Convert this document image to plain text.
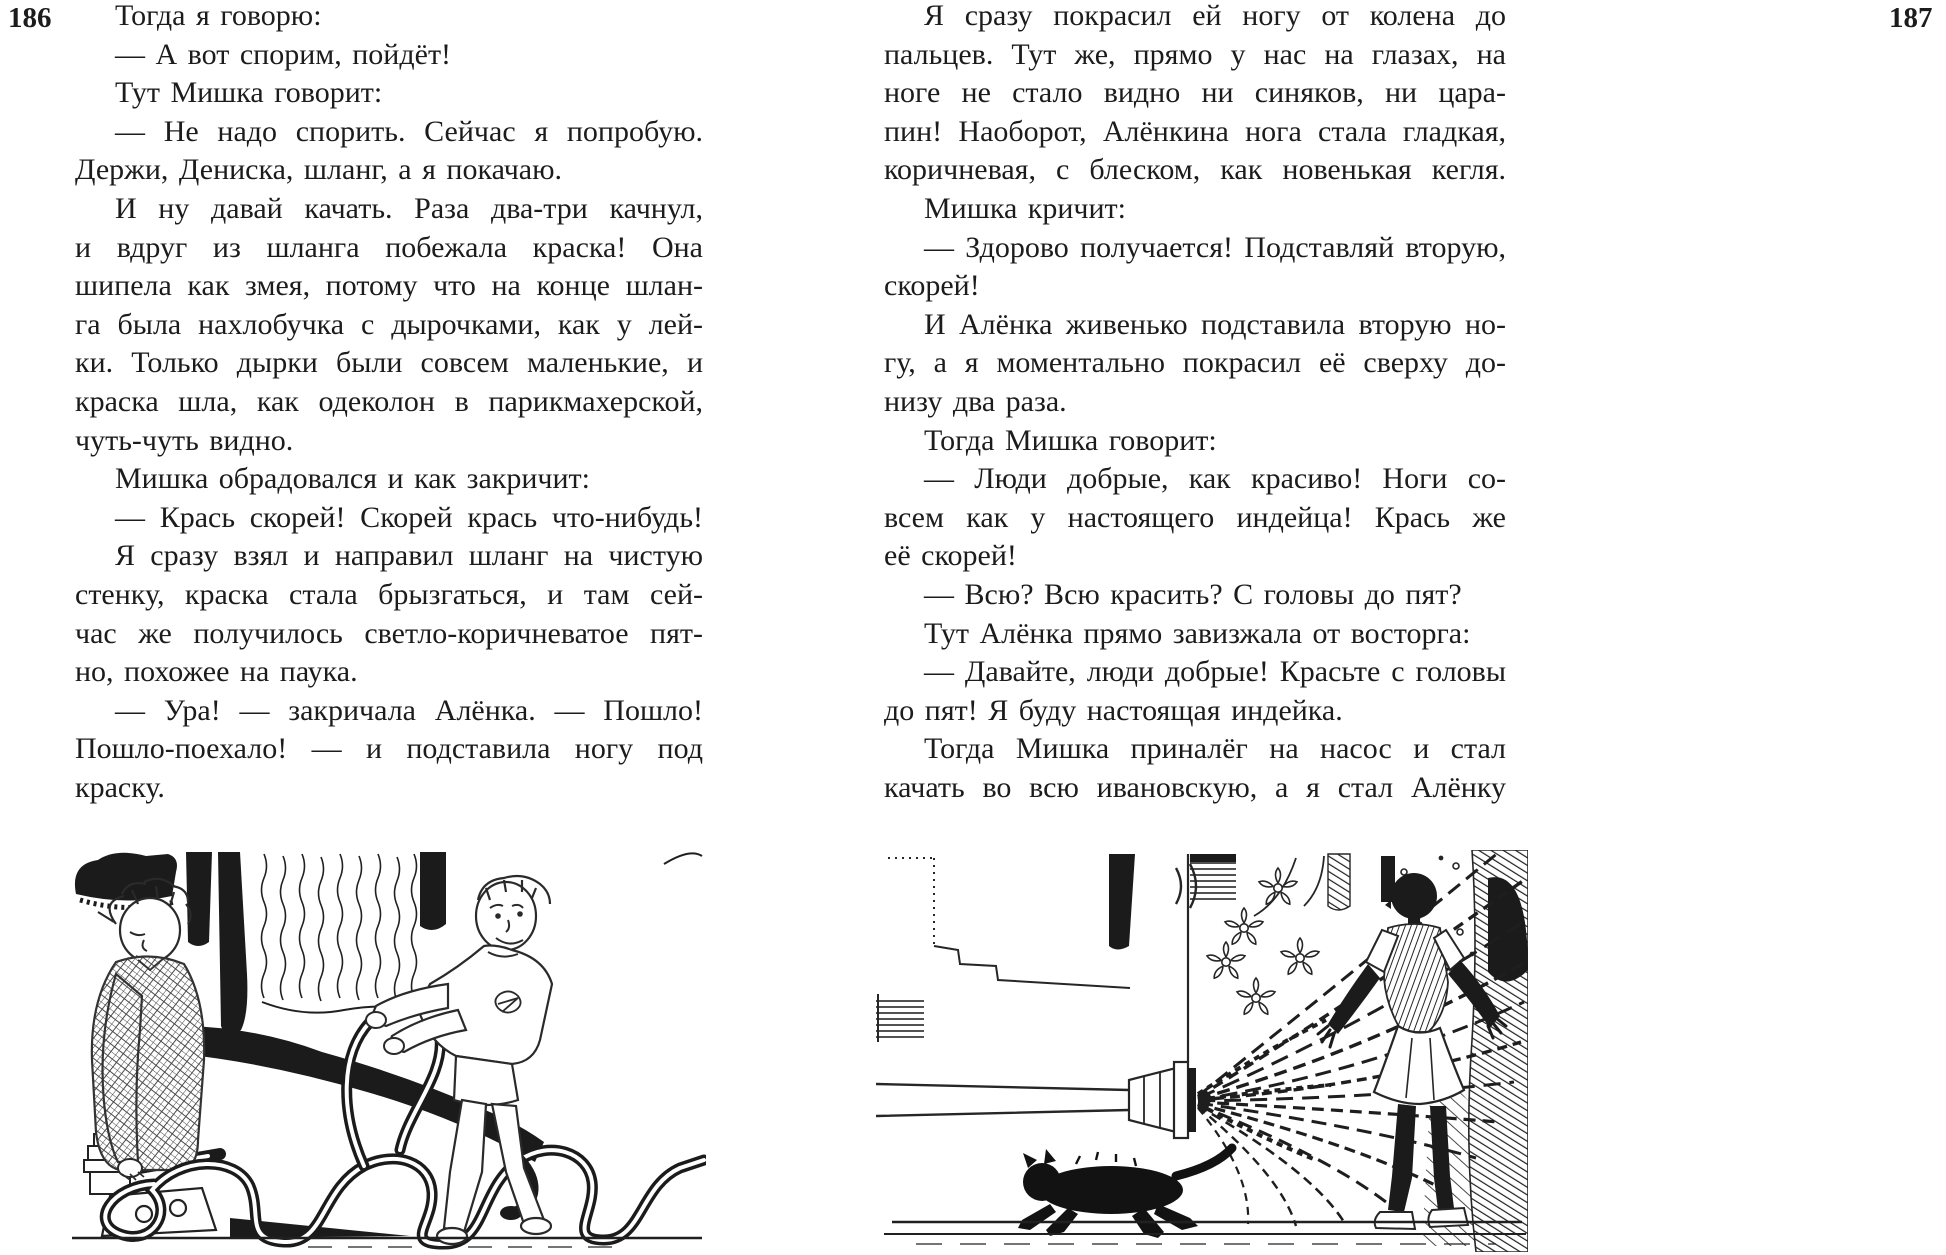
186	187
Тогда я говорю:
— А вот спорим, пойдёт!
Тут Мишка говорит:
— Не надо спорить. Сейчас я попробую.
Держи, Дениска, шланг, а я покачаю.
И ну давай качать. Раза два-три качнул,
и вдруг из шланга побежала краска! Она
шипела как змея, потому что на конце шлан-
га была нахлобучка с дырочками, как у лей-
ки. Только дырки были совсем маленькие, и
краска шла, как одеколон в парикмахерской,
чуть-чуть видно.
Мишка обрадовался и как закричит:
— Крась скорей! Скорей крась что-нибудь!
Я сразу взял и направил шланг на чистую
стенку, краска стала брызгаться, и там сей-
час же получилось светло-коричневатое пят-
но, похожее на паука.
— Ура! — закричала Алёнка. — Пошло!
Пошло-поехало! — и подставила ногу под
краску.
Я сразу покрасил ей ногу от колена до
пальцев. Тут же, прямо у нас на глазах, на
ноге не стало видно ни синяков, ни цара-
пин! Наоборот, Алёнкина нога стала гладкая,
коричневая, с блеском, как новенькая кегля.
Мишка кричит:
— Здорово получается! Подставляй вторую,
скорей!
И Алёнка живенько подставила вторую но-
гу, а я моментально покрасил её сверху до-
низу два раза.
Тогда Мишка говорит:
— Люди добрые, как красиво! Ноги со-
всем как у настоящего индейца! Крась же
её скорей!
— Всю? Всю красить? С головы до пят?
Тут Алёнка прямо завизжала от восторга:
— Давайте, люди добрые! Красьте с головы
до пят! Я буду настоящая индейка.
Тогда Мишка приналёг на насос и стал
качать во всю ивановскую, а я стал Алёнку
